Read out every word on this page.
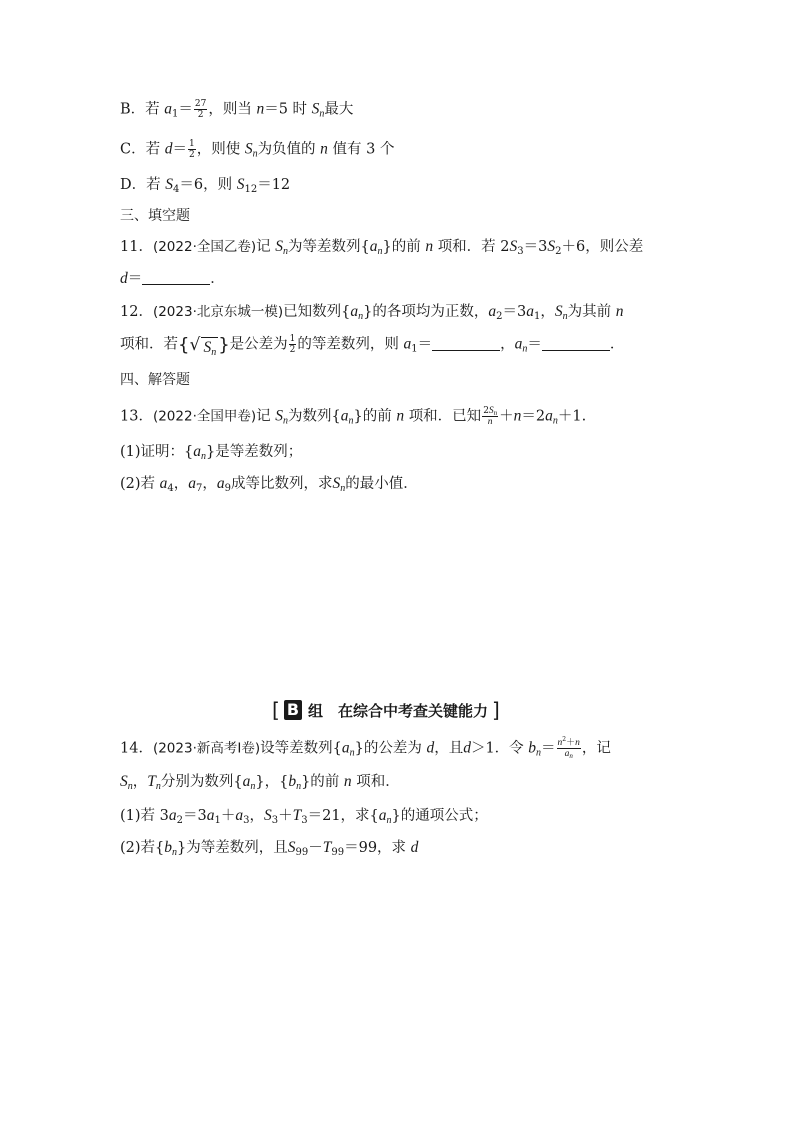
B．若 $a_1= \frac{27}{2}$ ，则当 n＝5 时 $S_n$最大
C．若 $d= \frac{1}{2}$ ，则使 $S_n$为负值的 n 值有 3 个
D．若 $S_4=6$，则 $S_{12}=12$
三、填空题
11．(2022·全国乙卷)记 $S_n$为等差数列$\{a_n\}$的前 n 项和．若 $2S_3=3S_2+6$，则公差
d＝	．
12．(2023·北京东城一模)已知数列$\{a_n\}$的各项均为正数，$a_2=3a_1$，$S_n$为其前 n
项和．若{ √ $S_n$ }是公差为 $\frac{1}{2}$ 的等差数列，则 $a_1=$	，$a_n=$	．
四、解答题
13．(2022·全国甲卷)记 $S_n$为数列$\{a_n\}$的前 n 项和．已知 $\frac{2S_n}{n} +n=2a_n+1$.
(1)证明：$\{a_n\}$是等差数列；
(2)若 $a_4$，$a_7$，$a_9$成等比数列，求$S_n$的最小值．
[ B 组　在综合中考查关键能力 ]
14．(2023·新高考Ⅰ卷)设等差数列$\{a_n\}$的公差为 d，且d＞1．令 $b_n= \frac{n^2+n}{a_n}$ ，记
$S_n$，$T_n$分别为数列$\{a_n\}$，$\{b_n\}$的前 n 项和．
(1)若 $3a_2=3a_1+a_3$，$S_3+T_3=21$，求$\{a_n\}$的通项公式；
(2)若$\{b_n\}$为等差数列，且$S_{99}-T_{99}=99$，求 d
